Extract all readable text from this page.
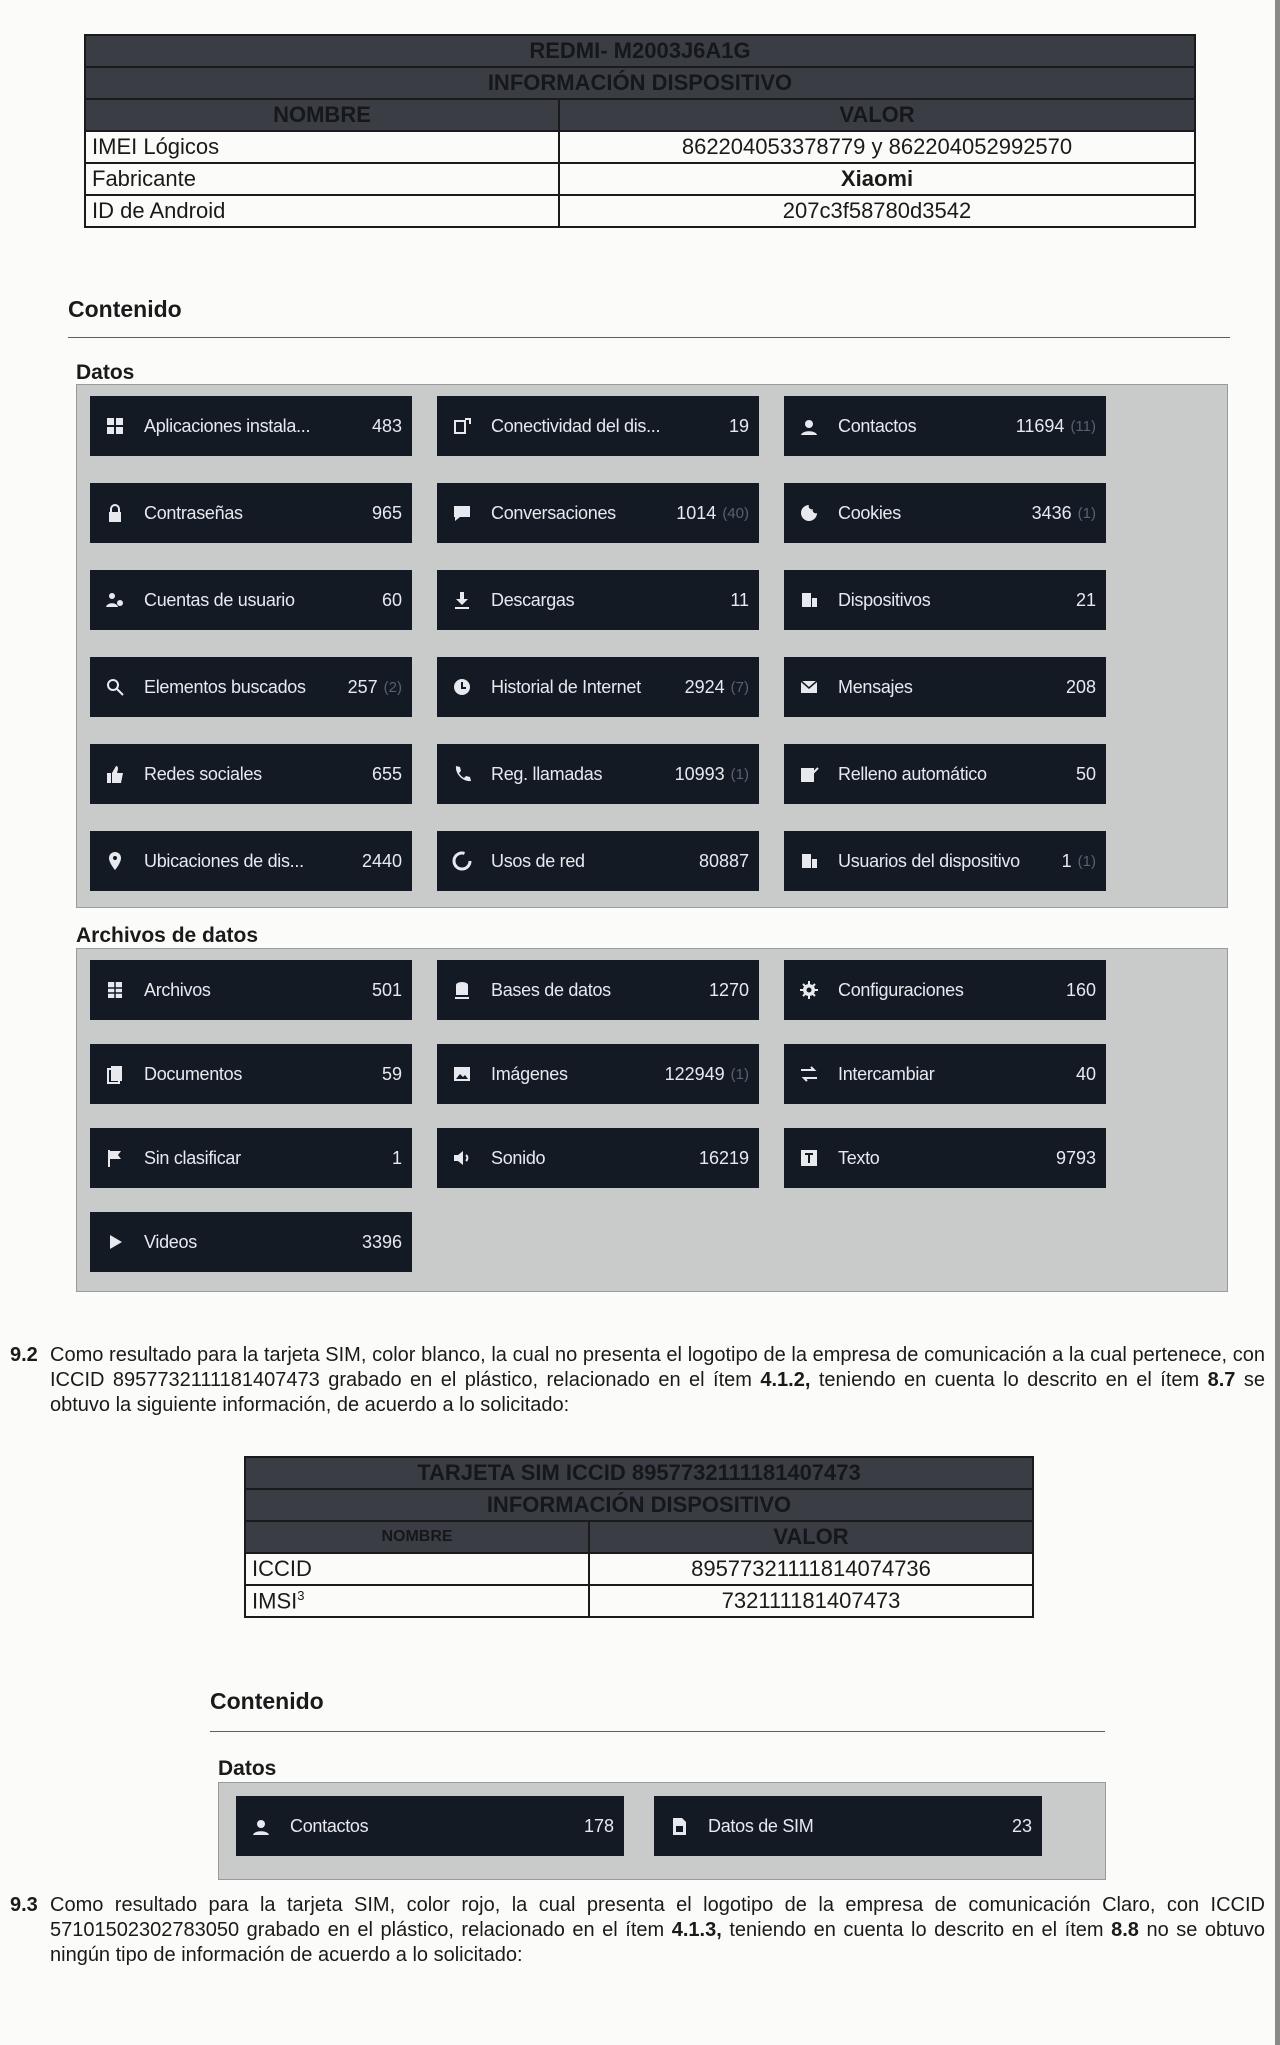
REDMI- M2003J6A1G	
INFORMACIÓN DISPOSITIVO	
NOMBRE	VALOR
IMEI Lógicos	862204053378779 y 862204052992570
Fabricante	Xiaomi
ID de Android	207c3f58780d3542
Contenido
Datos
Aplicaciones instala...	483	Conectividad del dis...	19	Contactos	11694 (11)
Contraseñas	965	Conversaciones	1014 (40)	Cookies	3436 (1)
Cuentas de usuario	60	Descargas	11	Dispositivos	21
Elementos buscados	257 (2)	Historial de Internet	2924 (7)	Mensajes	208
Redes sociales	655	Reg. llamadas	10993 (1)	Relleno automático	50
Ubicaciones de dis...	2440	Usos de red	80887	Usuarios del dispositivo	1 (1)
Archivos de datos
Archivos	501	Bases de datos	1270	Configuraciones	160
Documentos	59	Imágenes	122949 (1)	Intercambiar	40
Sin clasificar	1	Sonido	16219	Texto	9793
Videos	3396
9.2 Como resultado para la tarjeta SIM, color blanco, la cual no presenta el logotipo de la empresa de comunicación a la cual pertenece, con ICCID 8957732111181407473 grabado en el plástico, relacionado en el ítem 4.1.2, teniendo en cuenta lo descrito en el ítem 8.7 se obtuvo la siguiente información, de acuerdo a lo solicitado:
TARJETA SIM ICCID 8957732111181407473	
INFORMACIÓN DISPOSITIVO	
NOMBRE	VALOR
ICCID	89577321111814074736
IMSI$^3$	732111181407473
Contenido
Datos
Contactos	178	Datos de SIM	23
9.3 Como resultado para la tarjeta SIM, color rojo, la cual presenta el logotipo de la empresa de comunicación Claro, con ICCID 57101502302783050 grabado en el plástico, relacionado en el ítem 4.1.3, teniendo en cuenta lo descrito en el ítem 8.8 no se obtuvo ningún tipo de información de acuerdo a lo solicitado:
